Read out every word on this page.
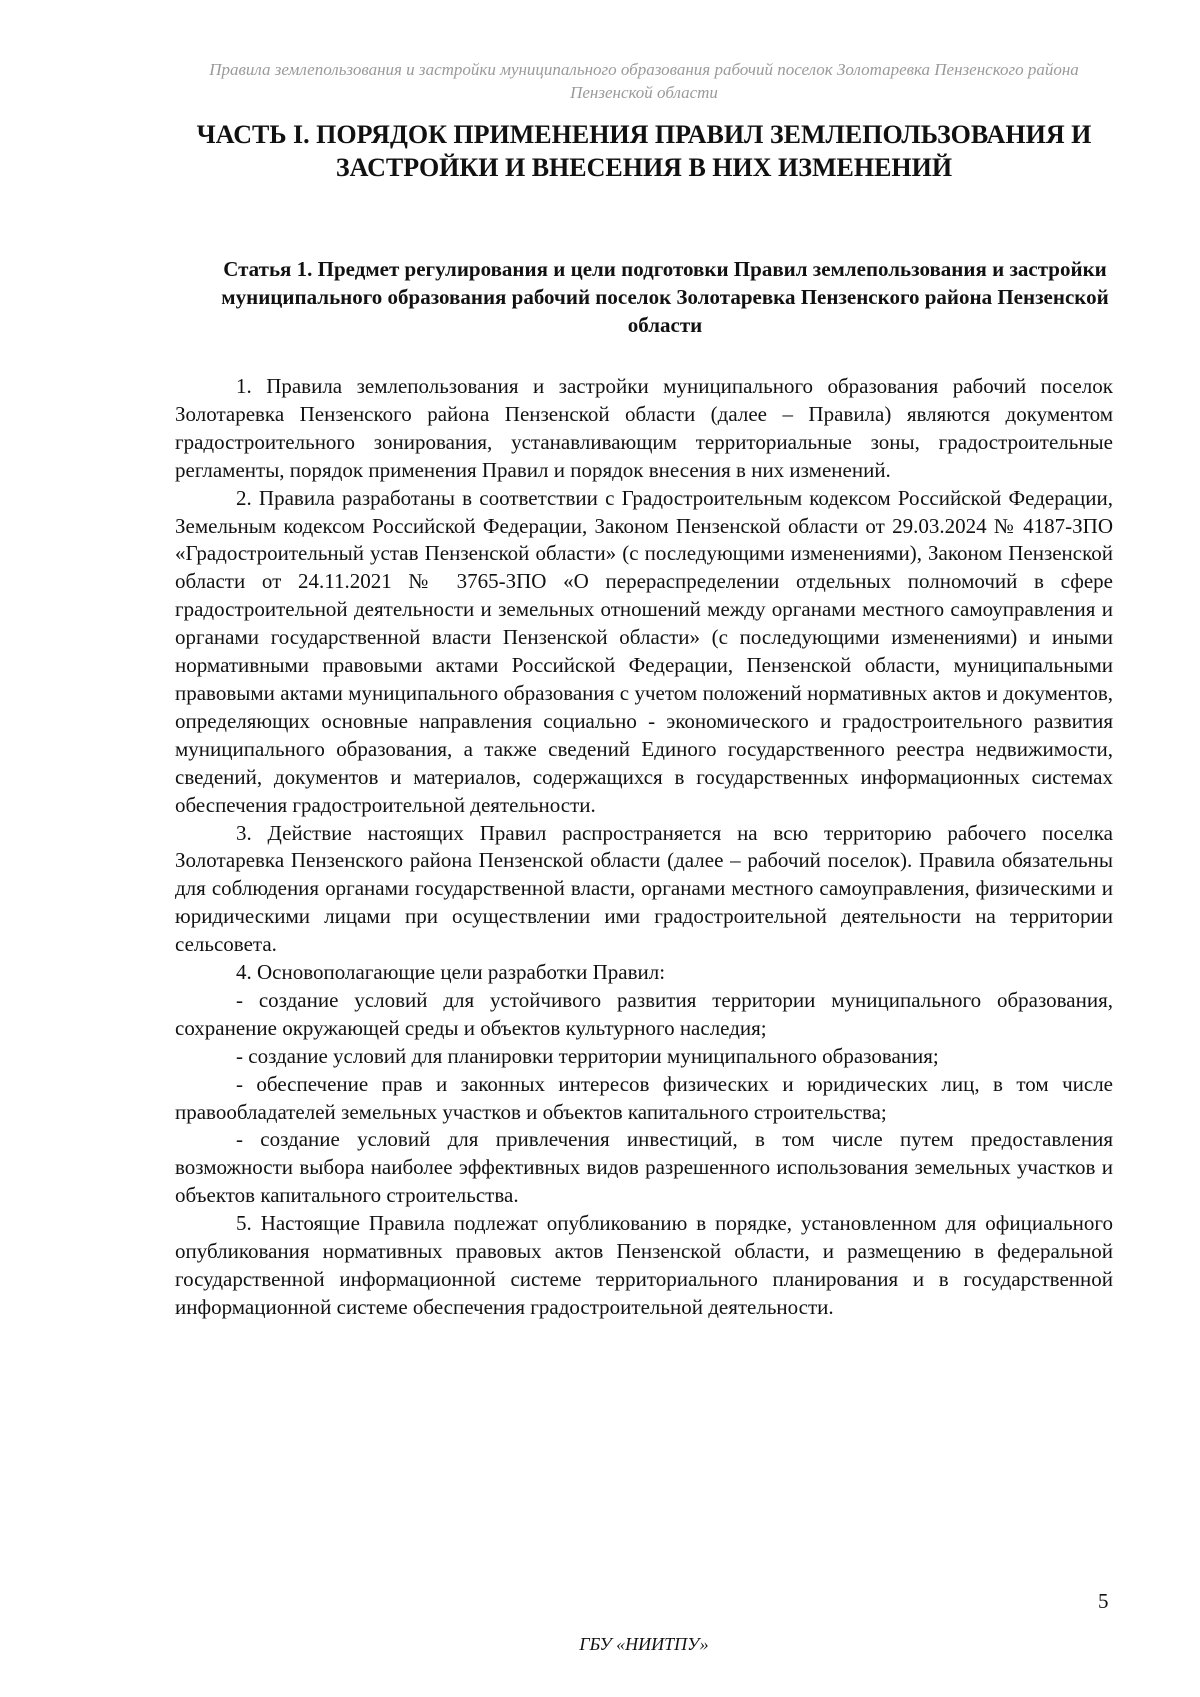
Правила землепользования и застройки муниципального образования рабочий поселок Золотаревка Пензенского района Пензенской области
ЧАСТЬ I. ПОРЯДОК ПРИМЕНЕНИЯ ПРАВИЛ ЗЕМЛЕПОЛЬЗОВАНИЯ И ЗАСТРОЙКИ И ВНЕСЕНИЯ В НИХ ИЗМЕНЕНИЙ
Статья 1. Предмет регулирования и цели подготовки Правил землепользования и застройки муниципального образования рабочий поселок Золотаревка Пензенского района Пензенской области

1. Правила землепользования и застройки муниципального образования рабочий поселок Золотаревка Пензенского района Пензенской области (далее – Правила) являются документом градостроительного зонирования, устанавливающим территориальные зоны, градостроительные регламенты, порядок применения Правил и порядок внесения в них изменений.

2. Правила разработаны в соответствии с Градостроительным кодексом Российской Федерации, Земельным кодексом Российской Федерации, Законом Пензенской области от 29.03.2024 № 4187-ЗПО «Градостроительный устав Пензенской области» (с последующими изменениями), Законом Пензенской области от 24.11.2021 № 3765-ЗПО «О перераспределении отдельных полномочий в сфере градостроительной деятельности и земельных отношений между органами местного самоуправления и органами государственной власти Пензенской области» (с последующими изменениями) и иными нормативными правовыми актами Российской Федерации, Пензенской области, муниципальными правовыми актами муниципального образования с учетом положений нормативных актов и документов, определяющих основные направления социально - экономического и градостроительного развития муниципального образования, а также сведений Единого государственного реестра недвижимости, сведений, документов и материалов, содержащихся в государственных информационных системах обеспечения градостроительной деятельности.

3. Действие настоящих Правил распространяется на всю территорию рабочего поселка Золотаревка Пензенского района Пензенской области (далее – рабочий поселок). Правила обязательны для соблюдения органами государственной власти, органами местного самоуправления, физическими и юридическими лицами при осуществлении ими градостроительной деятельности на территории сельсовета.

4. Основополагающие цели разработки Правил:

- создание условий для устойчивого развития территории муниципального образования, сохранение окружающей среды и объектов культурного наследия;

- создание условий для планировки территории муниципального образования;

- обеспечение прав и законных интересов физических и юридических лиц, в том числе правообладателей земельных участков и объектов капитального строительства;

- создание условий для привлечения инвестиций, в том числе путем предоставления возможности выбора наиболее эффективных видов разрешенного использования земельных участков и объектов капитального строительства.

5. Настоящие Правила подлежат опубликованию в порядке, установленном для официального опубликования нормативных правовых актов Пензенской области, и размещению в федеральной государственной информационной системе территориального планирования и в государственной информационной системе обеспечения градостроительной деятельности.

5
ГБУ «НИИТПУ»
